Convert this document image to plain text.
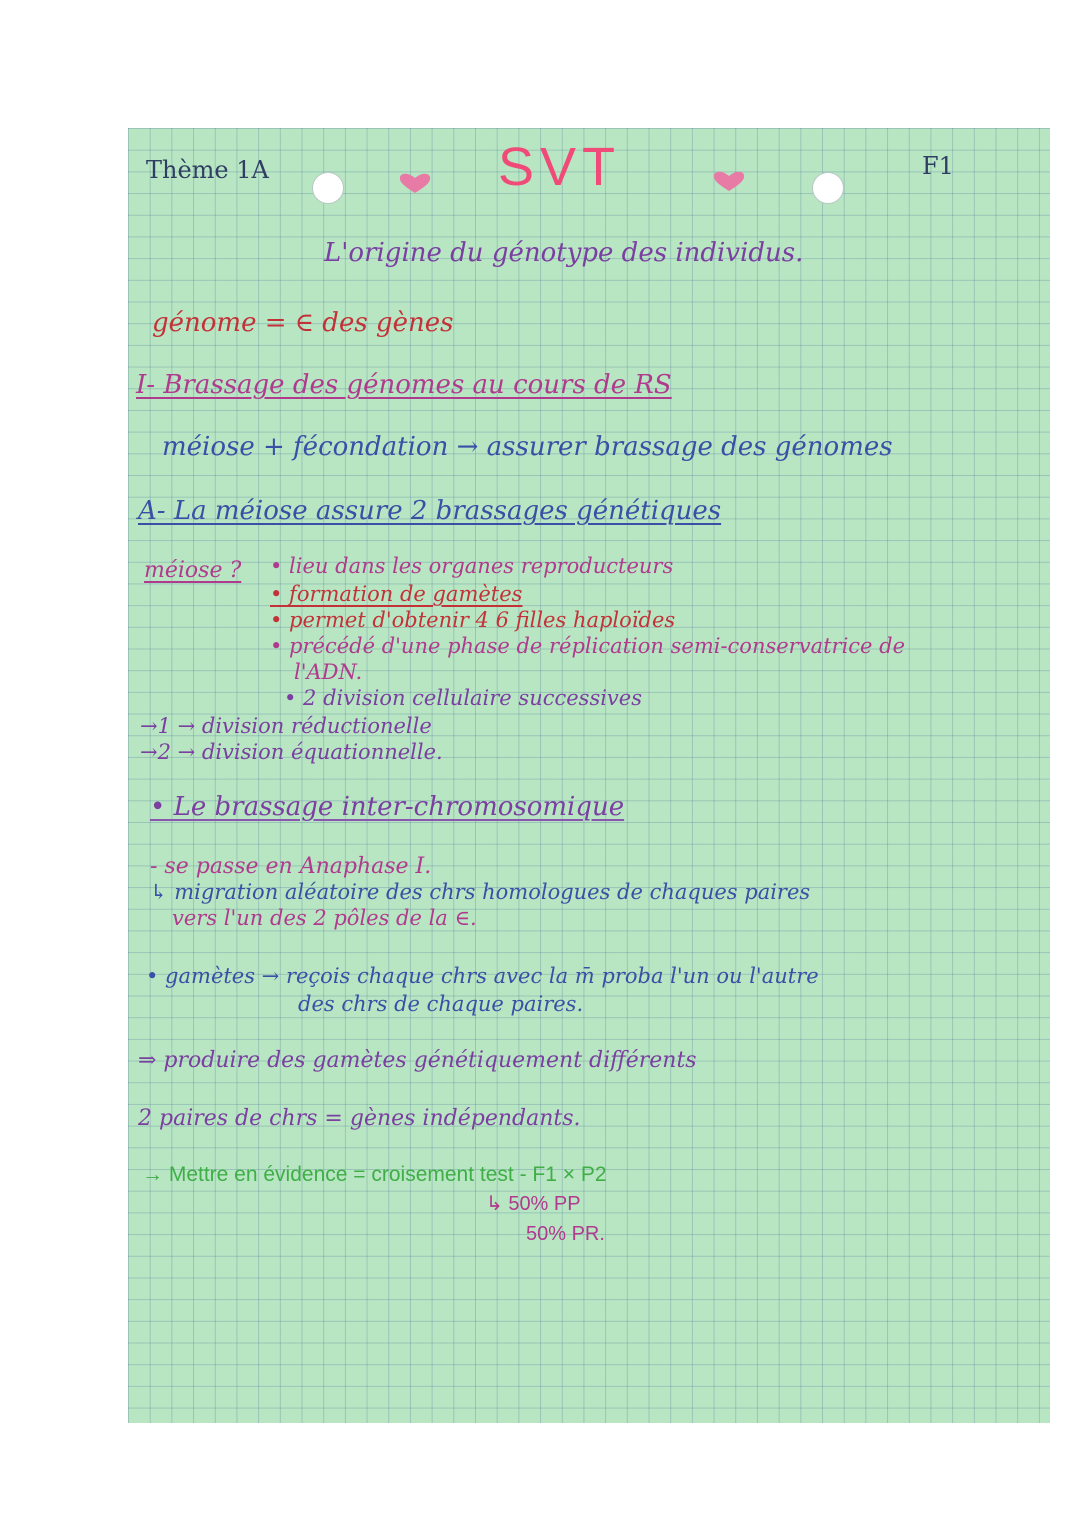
Thème 1A	SVT	F1
L'origine du génotype des individus.
génome = ∈ des gènes
I- Brassage des génomes au cours de RS
méiose + fécondation → assurer brassage des génomes
A- La méiose assure 2 brassages génétiques
méiose ? • lieu dans les organes reproducteurs
• formation de gamètes
• permet d'obtenir 4 6 filles haploïdes
• précédé d'une phase de réplication semi-conservatrice de
l'ADN.
• 2 division cellulaire successives
→1 → division réductionelle
→2 → division équationnelle.
• Le brassage inter-chromosomique
- se passe en Anaphase I.
↳ migration aléatoire des chrs homologues de chaques paires
vers l'un des 2 pôles de la ∈.
• gamètes → reçois chaque chrs avec la m̄ proba l'un ou l'autre
des chrs de chaque paires.
⇒ produire des gamètes génétiquement différents
2 paires de chrs = gènes indépendants.
→ Mettre en évidence = croisement test - F1 × P2
↳ 50% PP
50% PR.
